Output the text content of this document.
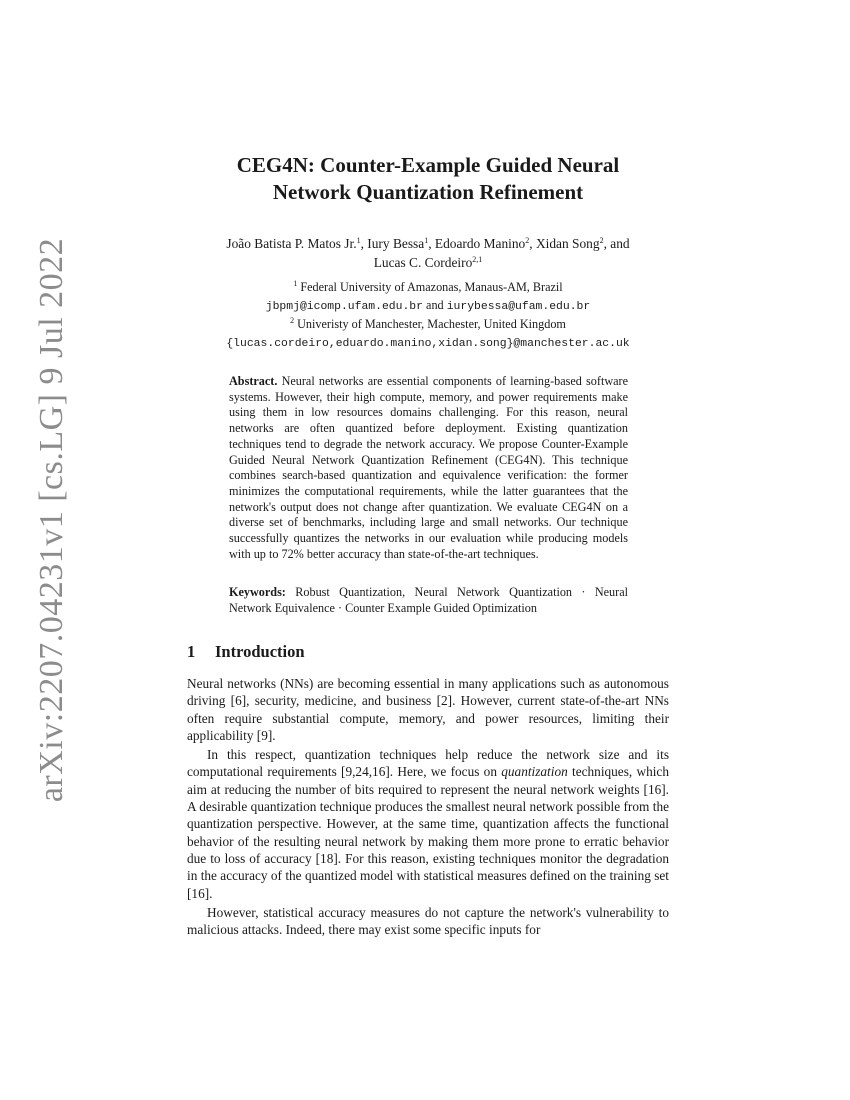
arXiv:2207.04231v1 [cs.LG] 9 Jul 2022
CEG4N: Counter-Example Guided Neural
Network Quantization Refinement
João Batista P. Matos Jr.$^1$, Iury Bessa$^1$, Edoardo Manino$^2$, Xidan Song$^2$, and
Lucas C. Cordeiro$^{2,1}$
$^1$ Federal University of Amazonas, Manaus-AM, Brazil
jbpmj@icomp.ufam.edu.br and iurybessa@ufam.edu.br
$^2$ Univeristy of Manchester, Machester, United Kingdom
{lucas.cordeiro,eduardo.manino,xidan.song}@manchester.ac.uk
Abstract. Neural networks are essential components of learning-based software systems. However, their high compute, memory, and power requirements make using them in low resources domains challenging. For this reason, neural networks are often quantized before deployment. Existing quantization techniques tend to degrade the network accuracy. We propose Counter-Example Guided Neural Network Quantization Refinement (CEG4N). This technique combines search-based quantization and equivalence verification: the former minimizes the computational requirements, while the latter guarantees that the network's output does not change after quantization. We evaluate CEG4N on a diverse set of benchmarks, including large and small networks. Our technique successfully quantizes the networks in our evaluation while producing models with up to 72% better accuracy than state-of-the-art techniques.
Keywords: Robust Quantization, Neural Network Quantization · Neural Network Equivalence · Counter Example Guided Optimization
1 Introduction

Neural networks (NNs) are becoming essential in many applications such as autonomous driving [6], security, medicine, and business [2]. However, current state-of-the-art NNs often require substantial compute, memory, and power resources, limiting their applicability [9].

In this respect, quantization techniques help reduce the network size and its computational requirements [9,24,16]. Here, we focus on quantization techniques, which aim at reducing the number of bits required to represent the neural network weights [16]. A desirable quantization technique produces the smallest neural network possible from the quantization perspective. However, at the same time, quantization affects the functional behavior of the resulting neural network by making them more prone to erratic behavior due to loss of accuracy [18]. For this reason, existing techniques monitor the degradation in the accuracy of the quantized model with statistical measures defined on the training set [16].

However, statistical accuracy measures do not capture the network's vulnerability to malicious attacks. Indeed, there may exist some specific inputs for
